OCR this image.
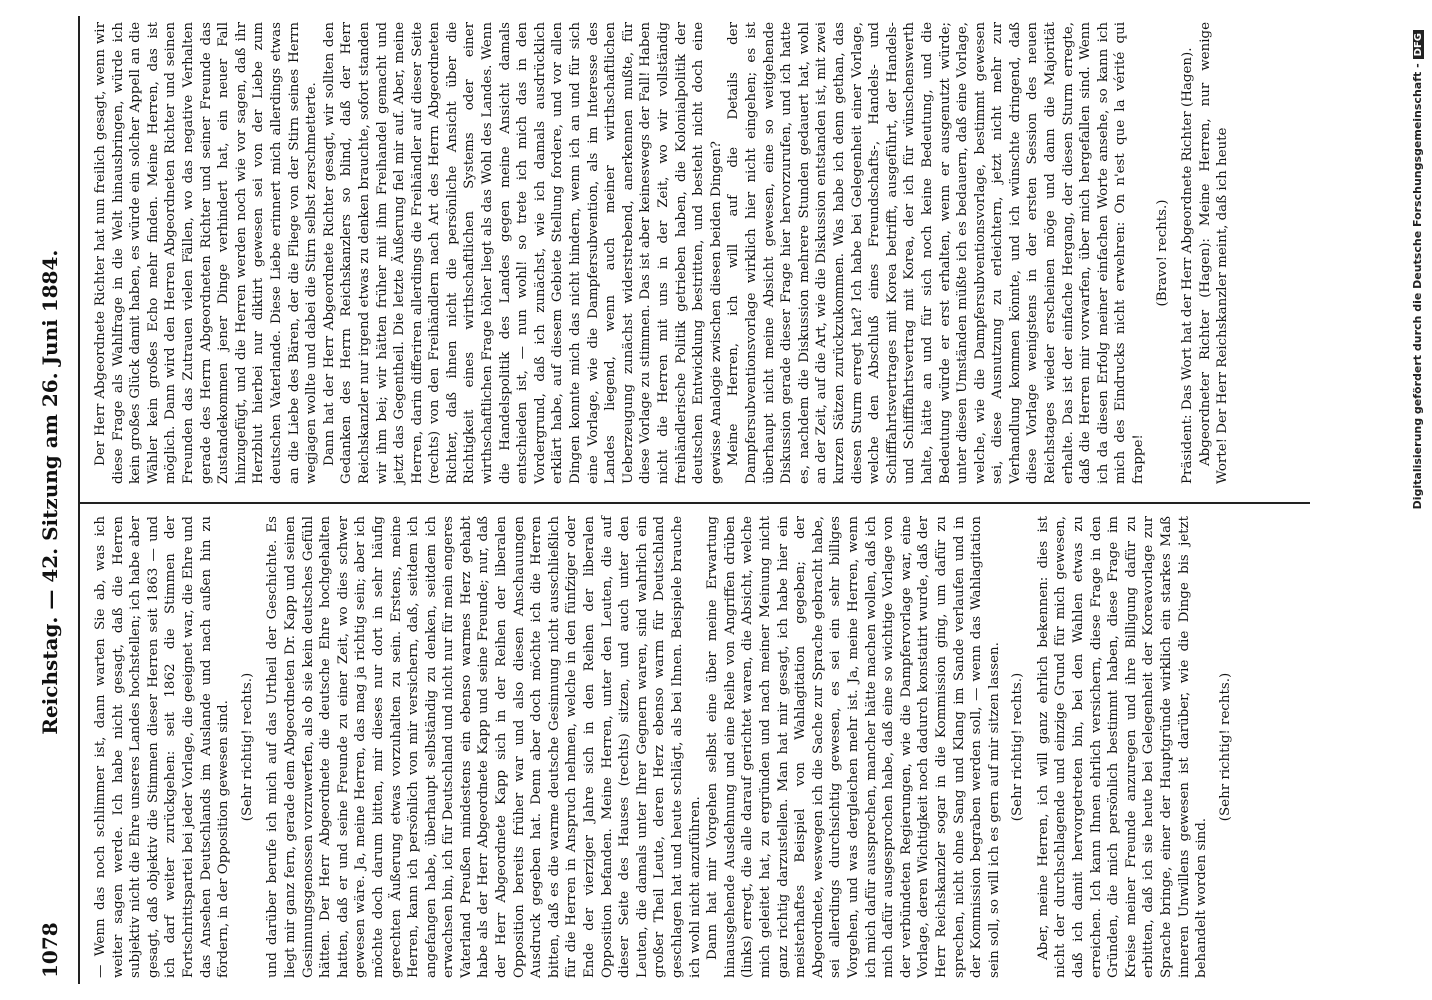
1078
Reichstag. — 42. Sitzung am 26. Juni 1884.

— Wenn das noch schlimmer ist, dann warten Sie ab, was ich weiter sagen werde. Ich habe nicht gesagt, daß die Herren subjektiv nicht die Ehre unseres Landes hochstellen; ich habe aber gesagt, daß objektiv die Stimmen dieser Herren seit 1863 — und ich darf weiter zurückgehen: seit 1862 die Stimmen der Fortschrittspartei bei jeder Vorlage, die geeignet war, die Ehre und das Ansehen Deutschlands im Auslande und nach außen hin zu fördern, in der Opposition gewesen sind. (Sehr richtig! rechts.) und darüber berufe ich mich auf das Urtheil der Geschichte. Es liegt mir ganz fern, gerade dem Abgeordneten Dr. Kapp und seinen Gesinnungsgenossen vorzuwerfen, als ob sie kein deutsches Gefühl hätten. Der Herr Abgeordnete die deutsche Ehre hochgehalten hatten, daß er und seine Freunde zu einer Zeit, wo dies schwer gewesen wäre. Ja, meine Herren, das mag ja richtig sein; aber ich möchte doch darum bitten, mir dieses nur dort in sehr häufig gerechten Äußerung etwas vorzuhalten zu sein. Erstens, meine Herren, kann ich persönlich von mir versichern, daß, seitdem ich angefangen habe, überhaupt selbständig zu denken, seitdem ich erwachsen bin, ich für Deutschland und nicht nur für mein engeres Vaterland Preußen mindestens ein ebenso warmes Herz gehabt habe als der Herr Abgeordnete Kapp und seine Freunde; nur, daß der Herr Abgeordnete Kapp sich in der Reihen der liberalen Opposition bereits früher war und also diesen Anschauungen Ausdruck gegeben hat. Denn aber doch möchte ich die Herren bitten, daß es die warme deutsche Gesinnung nicht ausschließlich für die Herren in Anspruch nehmen, welche in den fünfziger oder Ende der vierziger Jahre sich in den Reihen der liberalen Opposition befanden. Meine Herren, unter den Leuten, die auf dieser Seite des Hauses (rechts) sitzen, und auch unter den Leuten, die damals unter Ihrer Gegnern waren, sind wahrlich ein großer Theil Leute, deren Herz ebenso warm für Deutschland geschlagen hat und heute schlägt, als bei Ihnen. Beispiele brauche ich wohl nicht anzuführen. Dann hat mir Vorgehen selbst eine über meine Erwartung hinausgehende Ausdehnung und eine Reihe von Angriffen drüben (links) erregt, die alle darauf gerichtet waren, die Absicht, welche mich geleitet hat, zu ergründen und nach meiner Meinung nicht ganz richtig darzustellen. Man hat mir gesagt, ich habe hier ein meisterhaftes Beispiel von Wahlagitation gegeben; der Abgeordnete, weswegen ich die Sache zur Sprache gebracht habe, sei allerdings durchsichtig gewesen, es sei ein sehr billiges Vorgehen, und was dergleichen mehr ist. Ja, meine Herren, wenn ich mich dafür aussprechen, mancher hätte machen wollen, daß ich mich dafür ausgesprochen habe, daß eine so wichtige Vorlage von der verbündeten Regierungen, wie die Dampfervorlage war, eine Vorlage, deren Wichtigkeit noch dadurch konstatirt wurde, daß der Herr Reichskanzler sogar in die Kommission ging, um dafür zu sprechen, nicht ohne Sang und Klang im Sande verlaufen und in der Kommission begraben werden soll, — wenn das Wahlagitation sein soll, so will ich es gern auf mir sitzen lassen. (Sehr richtig! rechts.) Aber, meine Herren, ich will ganz ehrlich bekennen: dies ist nicht der durchschlagende und einzige Grund für mich gewesen, daß ich damit hervorgetreten bin, bei den Wahlen etwas zu erreichen. Ich kann Ihnen ehrlich versichern, diese Frage in den Gründen, die mich persönlich bestimmt haben, diese Frage im Kreise meiner Freunde anzuregen und ihre Billigung dafür zu erbitten, daß ich sie heute bei Gelegenheit der Koreavorlage zur Sprache bringe, einer der Hauptgründe wirklich ein starkes Maß inneren Unwillens gewesen ist darüber, wie die Dinge bis jetzt behandelt worden sind.

(Sehr richtig! rechts.)

Der Herr Abgeordnete Richter hat nun freilich gesagt, wenn wir diese Frage als Wahlfrage in die Welt hinausbringen, würde ich kein großes Glück damit haben, es würde ein solcher Appell an die Wähler kein großes Echo mehr finden. Meine Herren, das ist möglich. Dann wird den Herren Abgeordneten Richter und seinen Freunden das Zutrauen vielen Fällen, wo das negative Verhalten gerade des Herrn Abgeordneten Richter und seiner Freunde das Zustandekommen jener Dinge verhindert hat, ein neuer Fall hinzugefügt, und die Herren werden noch wie vor sagen, daß ihr Herzblut hierbei nur diktirt gewesen sei von der Liebe zum deutschen Vaterlande. Diese Liebe erinnert mich allerdings etwas an die Liebe des Bären, der die Fliege von der Stirn seines Herrn wegjagen wollte und dabei die Stirn selbst zerschmetterte. Dann hat der Herr Abgeordnete Richter gesagt, wir sollten den Gedanken des Herrn Reichskanzlers so blind, daß der Herr Reichskanzler nur irgend etwas zu denken brauchte, sofort standen wir ihm bei; wir hätten früher mit ihm Freihandel gemacht und jetzt das Gegentheil. Die letzte Äußerung fiel mir auf. Aber, meine Herren, darin differiren allerdings die Freihändler auf dieser Seite (rechts) von den Freihändlern nach Art des Herrn Abgeordneten Richter, daß ihnen nicht die persönliche Ansicht über die Richtigkeit eines wirthschaftlichen Systems oder einer wirthschaftlichen Frage höher liegt als das Wohl des Landes. Wenn die Handelspolitik des Landes gegen meine Ansicht damals entschieden ist, — nun wohl! so trete ich mich das in den Vordergrund, daß ich zunächst, wie ich damals ausdrücklich erklärt habe, auf diesem Gebiete Stellung fordere, und vor allen Dingen konnte mich das nicht hindern, wenn ich an und für sich eine Vorlage, wie die Dampfersubvention, als im Interesse des Landes liegend, wenn auch meiner wirthschaftlichen Ueberzeugung zunächst widerstrebend, anerkennen mußte, für diese Vorlage zu stimmen. Das ist aber keineswegs der Fall! Haben nicht die Herren mit uns in der Zeit, wo wir vollständig freihändlerische Politik getrieben haben, die Kolonialpolitik der deutschen Entwicklung bestritten, und besteht nicht doch eine gewisse Analogie zwischen diesen beiden Dingen? Meine Herren, ich will auf die Details der Dampfersubventionsvorlage wirklich hier nicht eingehen; es ist überhaupt nicht meine Absicht gewesen, eine so weitgehende Diskussion gerade dieser Frage hier hervorzurufen, und ich hatte es, nachdem die Diskussion mehrere Stunden gedauert hat, wohl an der Zeit, auf die Art, wie die Diskussion entstanden ist, mit zwei kurzen Sätzen zurückzukommen. Was habe ich denn gethan, das diesen Sturm erregt hat? Ich habe bei Gelegenheit einer Vorlage, welche den Abschluß eines Freundschafts-, Handels- und Schifffahrtsvertrages mit Korea betrifft, ausgeführt, der Handels- und Schifffahrtsvertrag mit Korea, der ich für wünschenswerth halte, hätte an und für sich noch keine Bedeutung, und die Bedeutung würde er erst erhalten, wenn er ausgenutzt würde; unter diesen Umständen müßte ich es bedauern, daß eine Vorlage, welche, wie die Dampfersubventionsvorlage, bestimmt gewesen sei, diese Ausnutzung zu erleichtern, jetzt nicht mehr zur Verhandlung kommen könnte, und ich wünschte dringend, daß diese Vorlage wenigstens in der ersten Session des neuen Reichstages wieder erscheinen möge und dann die Majorität erhalte. Das ist der einfache Hergang, der diesen Sturm erregte, daß die Herren mir vorwarfen, über mich hergefallen sind. Wenn ich da diesen Erfolg meiner einfachen Worte ansehe, so kann ich mich des Eindrucks nicht erwehren: On n'est que la vérité qui frappe!

(Bravo! rechts.) Präsident: Das Wort hat der Herr Abgeordnete Richter (Hagen). Abgeordneter Richter (Hagen): Meine Herren, nur wenige Worte! Der Herr Reichskanzler meint, daß ich heute	Digitalisierung gefördert durch die Deutsche Forschungsgemeinschaft -DFG
